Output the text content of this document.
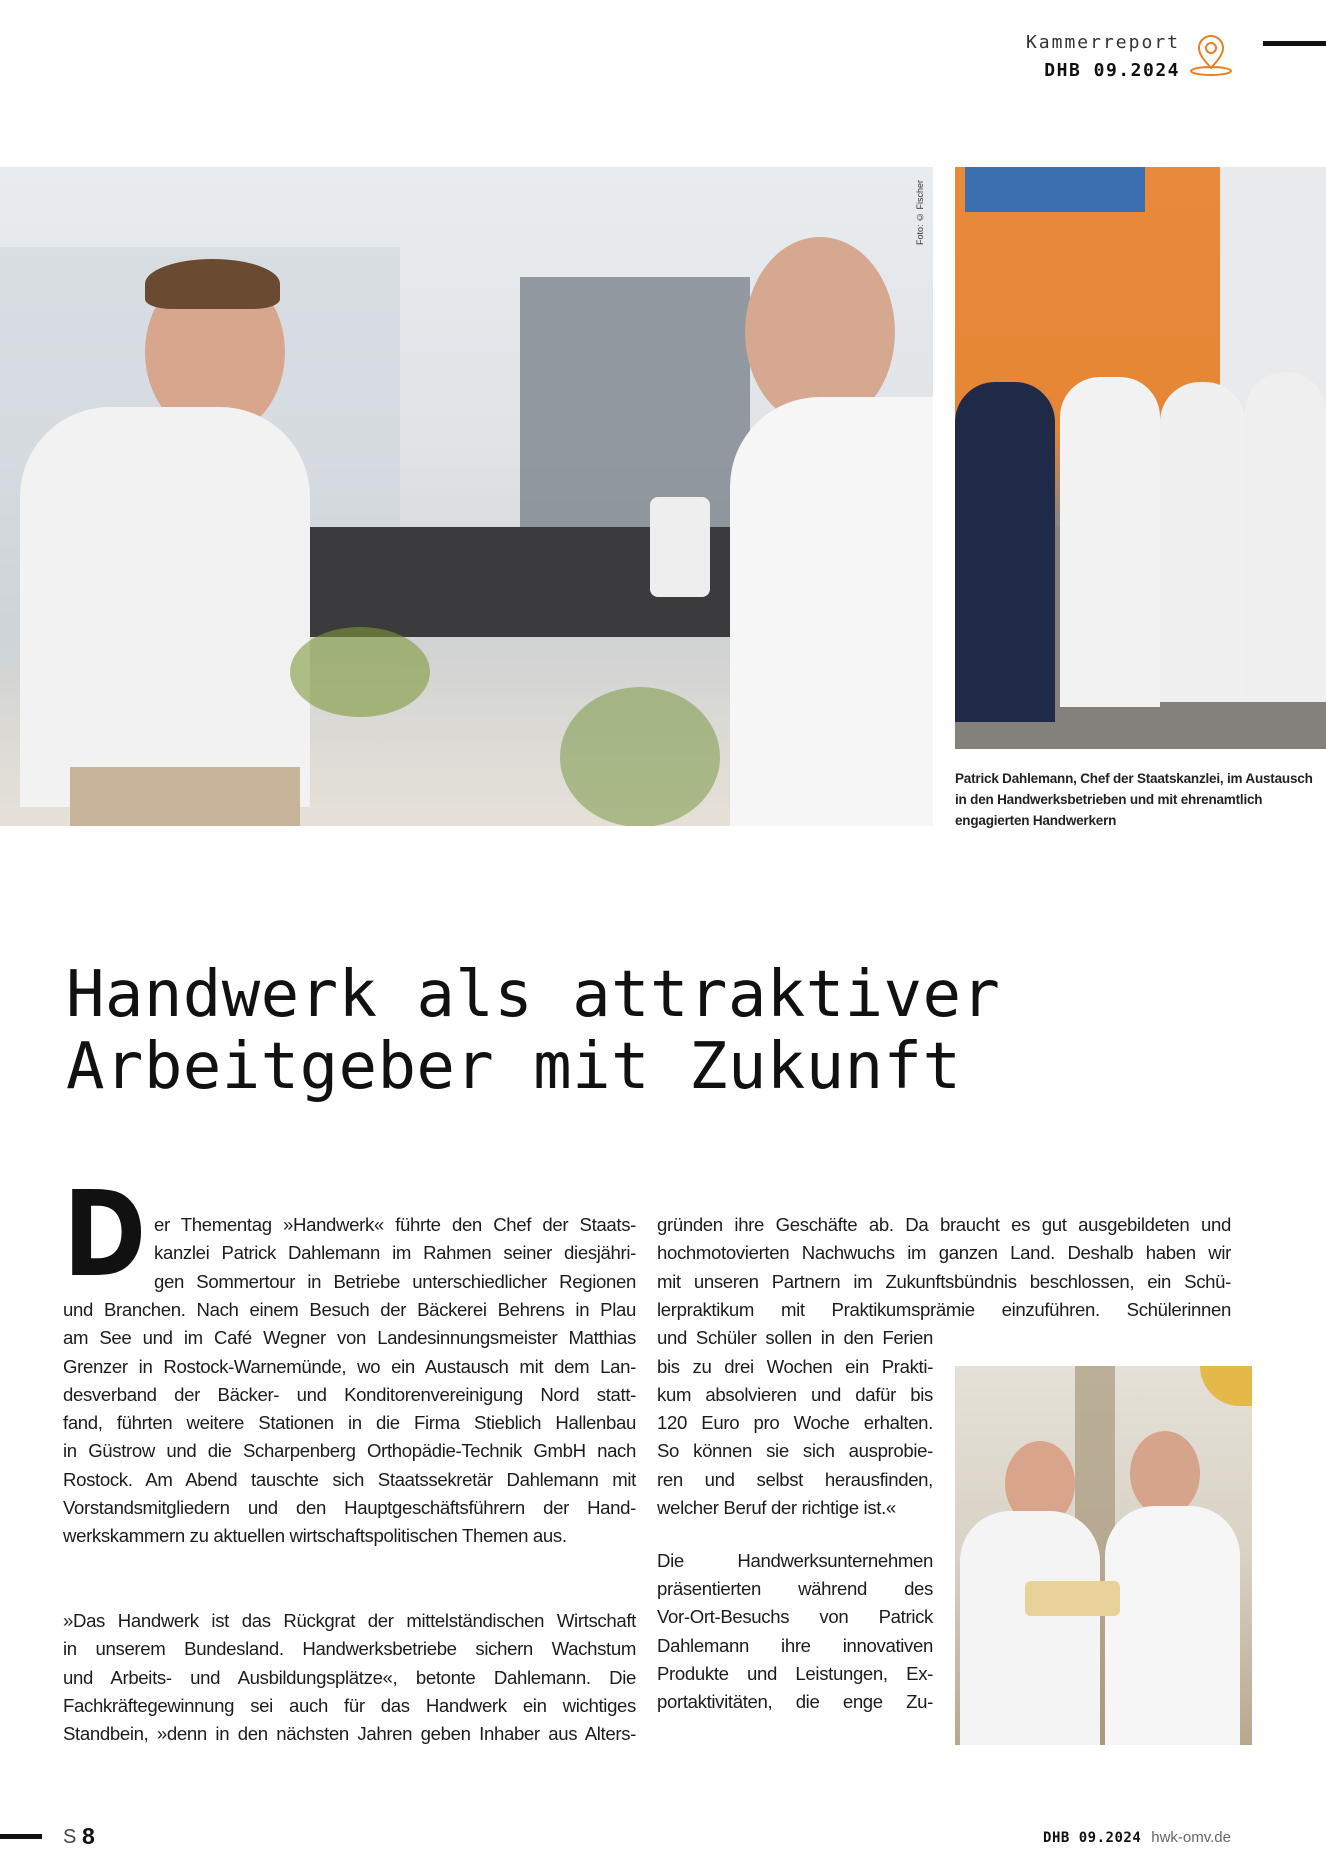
Kammerreport
DHB 09.2024
Foto: © Fischer
Patrick Dahlemann, Chef der Staatskanzlei, im Austausch in den Handwerksbetrieben und mit ehrenamtlich engagierten Handwerkern
Handwerk als attraktiver
Arbeitgeber mit Zukunft
D er Thementag »Handwerk« führte den Chef der Staats-
kanzlei Patrick Dahlemann im Rahmen seiner diesjähri-
gen Sommertour in Betriebe unterschiedlicher Regionen
und Branchen. Nach einem Besuch der Bäckerei Behrens in Plau
am See und im Café Wegner von Landesinnungsmeister Matthias
Grenzer in Rostock-Warnemünde, wo ein Austausch mit dem Lan-
desverband der Bäcker- und Konditorenvereinigung Nord statt-
fand, führten weitere Stationen in die Firma Stieblich Hallenbau
in Güstrow und die Scharpenberg Orthopädie-Technik GmbH nach
Rostock. Am Abend tauschte sich Staatssekretär Dahlemann mit
Vorstandsmitgliedern und den Hauptgeschäftsführern der Hand-
werkskammern zu aktuellen wirtschaftspolitischen Themen aus.
»Das Handwerk ist das Rückgrat der mittelständischen Wirtschaft
in unserem Bundesland. Handwerksbetriebe sichern Wachstum
und Arbeits- und Ausbildungsplätze«, betonte Dahlemann. Die
Fachkräftegewinnung sei auch für das Handwerk ein wichtiges
Standbein, »denn in den nächsten Jahren geben Inhaber aus Alters-
gründen ihre Geschäfte ab. Da braucht es gut ausgebildeten und
hochmotovierten Nachwuchs im ganzen Land. Deshalb haben wir
mit unseren Partnern im Zukunftsbündnis beschlossen, ein Schü-
lerpraktikum mit Praktikumsprämie einzuführen. Schülerinnen
und Schüler sollen in den Ferien
bis zu drei Wochen ein Prakti-
kum absolvieren und dafür bis
120 Euro pro Woche erhalten.
So können sie sich ausprobie-
ren und selbst herausfinden,
welcher Beruf der richtige ist.«
Die Handwerksunternehmen
präsentierten während des
Vor-Ort-Besuchs von Patrick
Dahlemann ihre innovativen
Produkte und Leistungen, Ex-
portaktivitäten, die enge Zu-
S 8	DHB 09.2024 hwk-omv.de
